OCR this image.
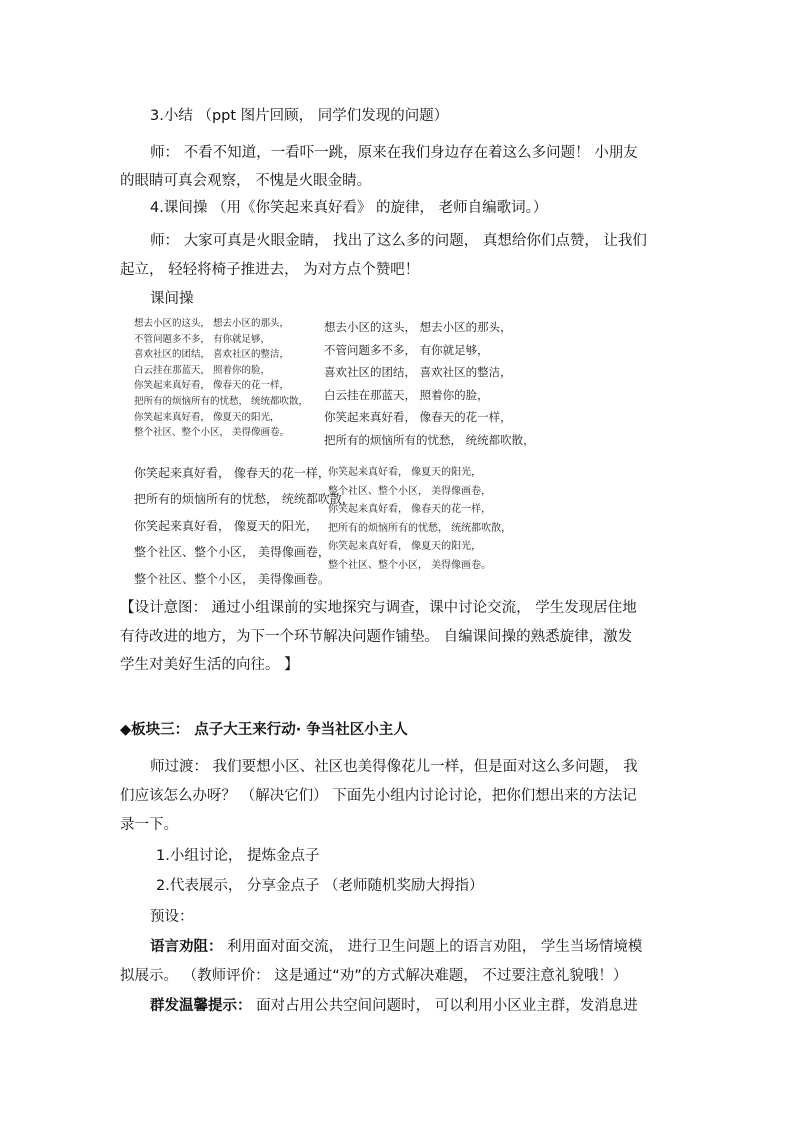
3.小结 （ppt 图片回顾， 同学们发现的问题）
师： 不看不知道，一看吓一跳，原来在我们身边存在着这么多问题！ 小朋友
的眼睛可真会观察， 不愧是火眼金睛。
4.课间操 （用《你笑起来真好看》 的旋律， 老师自编歌词。）
师： 大家可真是火眼金睛， 找出了这么多的问题， 真想给你们点赞， 让我们
起立， 轻轻将椅子推进去， 为对方点个赞吧！
课间操
想去小区的这头， 想去小区的那头，
不管问题多不多， 有你就足够，
喜欢社区的团结， 喜欢社区的整洁，
白云挂在那蓝天， 照着你的脸，
你笑起来真好看， 像春天的花一样，
把所有的烦恼所有的忧愁， 统统都吹散，
你笑起来真好看， 像夏天的阳光，
整个社区、整个小区， 美得像画卷。
想去小区的这头， 想去小区的那头，
不管问题多不多， 有你就足够，
喜欢社区的团结， 喜欢社区的整洁，
白云挂在那蓝天， 照着你的脸，
你笑起来真好看， 像春天的花一样，
把所有的烦恼所有的忧愁， 统统都吹散，
你笑起来真好看， 像春天的花一样，
把所有的烦恼所有的忧愁， 统统都吹散，
你笑起来真好看， 像夏天的阳光，
整个社区、整个小区， 美得像画卷，
整个社区、整个小区， 美得像画卷。
你笑起来真好看， 像夏天的阳光，
整个社区、整个小区， 美得像画卷，
你笑起来真好看， 像春天的花一样，
把所有的烦恼所有的忧愁， 统统都吹散，
你笑起来真好看， 像夏天的阳光，
整个社区、整个小区， 美得像画卷。
【设计意图： 通过小组课前的实地探究与调查，课中讨论交流， 学生发现居住地
有待改进的地方，为下一个环节解决问题作铺垫。 自编课间操的熟悉旋律，激发
学生对美好生活的向往。 】
◆板块三： 点子大王来行动· 争当社区小主人
师过渡： 我们要想小区、社区也美得像花儿一样，但是面对这么多问题， 我
们应该怎么办呀？ （解决它们） 下面先小组内讨论讨论，把你们想出来的方法记
录一下。
1.小组讨论， 提炼金点子
2.代表展示， 分享金点子 （老师随机奖励大拇指）
预设：
语言劝阻： 利用面对面交流， 进行卫生问题上的语言劝阻， 学生当场情境模
拟展示。 （教师评价： 这是通过“劝”的方式解决难题， 不过要注意礼貌哦！）
群发温馨提示： 面对占用公共空间问题时， 可以利用小区业主群，发消息进
